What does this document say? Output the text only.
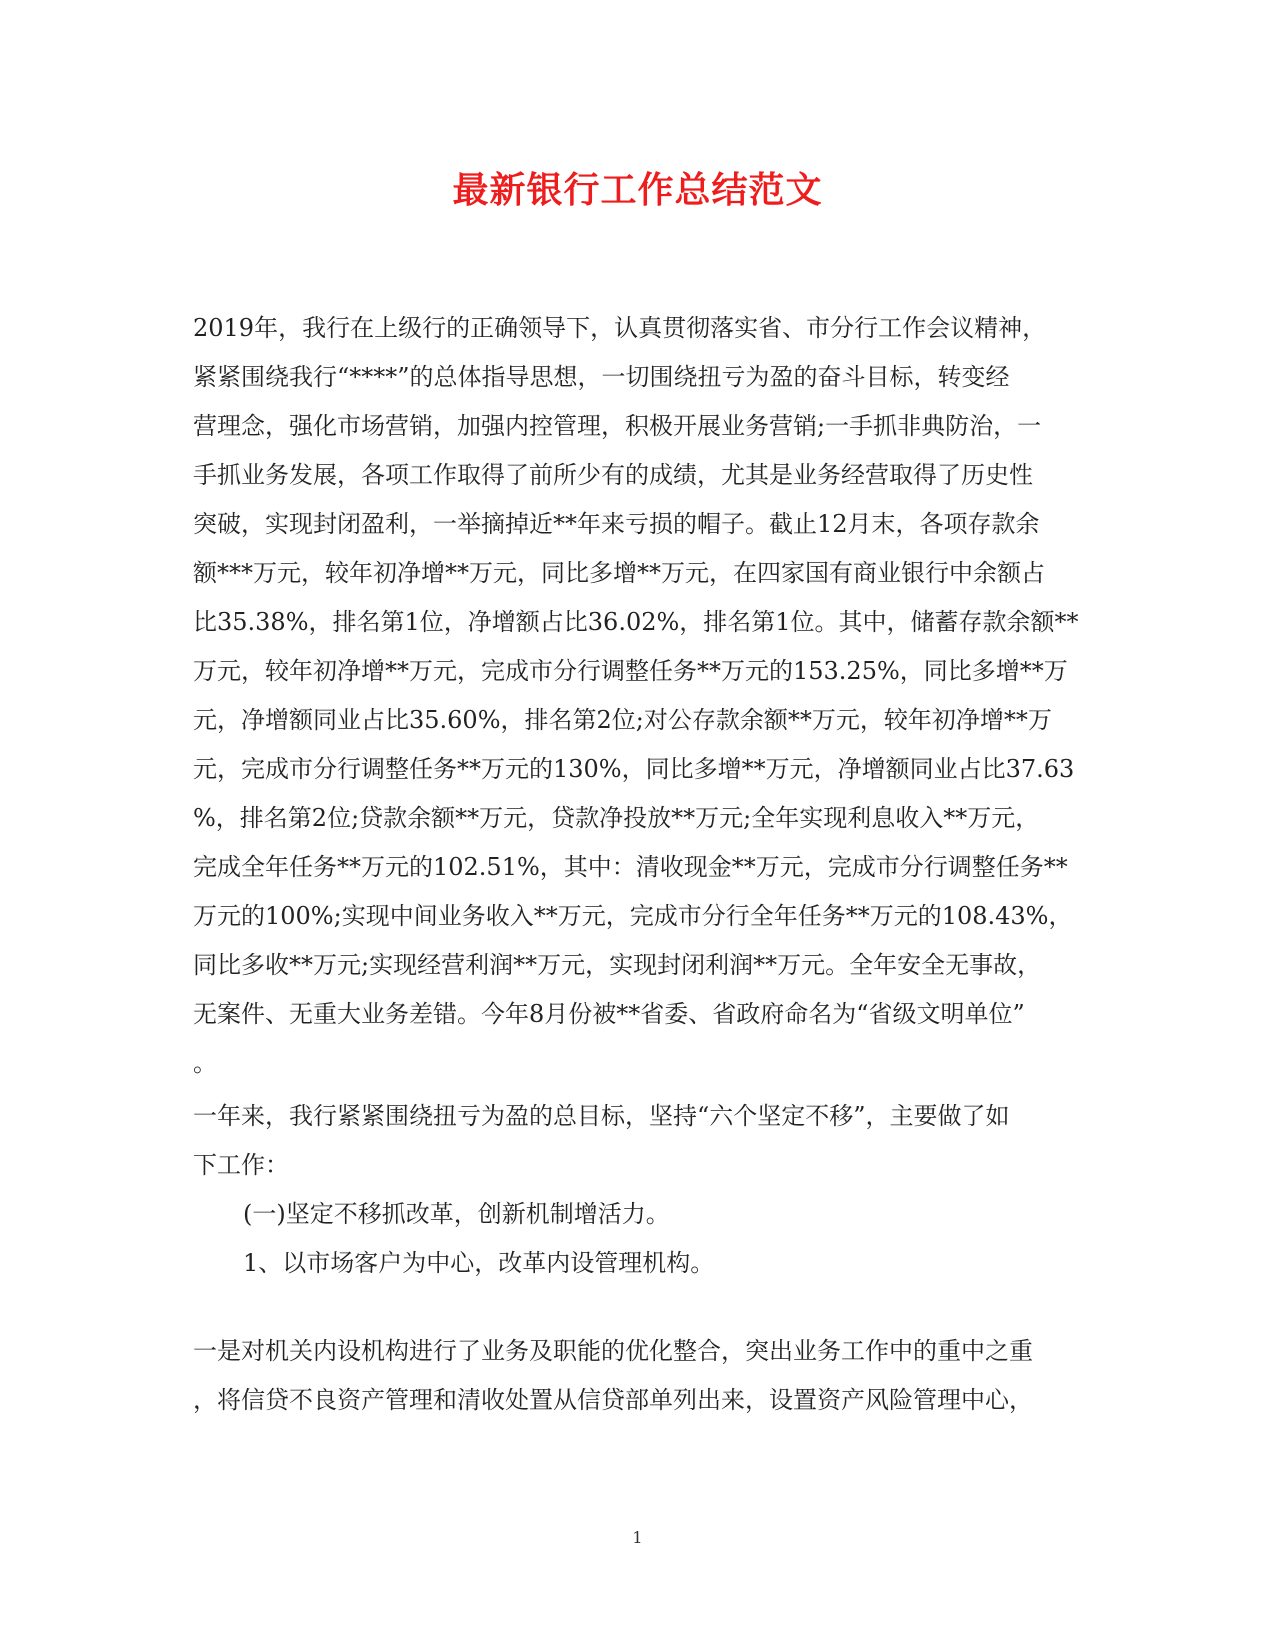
最新银行工作总结范文
2019年，我行在上级行的正确领导下，认真贯彻落实省、市分行工作会议精神，
紧紧围绕我行“****”的总体指导思想，一切围绕扭亏为盈的奋斗目标，转变经
营理念，强化市场营销，加强内控管理，积极开展业务营销;一手抓非典防治，一
手抓业务发展，各项工作取得了前所少有的成绩，尤其是业务经营取得了历史性
突破，实现封闭盈利，一举摘掉近**年来亏损的帽子。截止12月末，各项存款余
额***万元，较年初净增**万元，同比多增**万元，在四家国有商业银行中余额占
比35.38%，排名第1位，净增额占比36.02%，排名第1位。其中，储蓄存款余额**
万元，较年初净增**万元，完成市分行调整任务**万元的153.25%，同比多增**万
元，净增额同业占比35.60%，排名第2位;对公存款余额**万元，较年初净增**万
元，完成市分行调整任务**万元的130%，同比多增**万元，净增额同业占比37.63
%，排名第2位;贷款余额**万元，贷款净投放**万元;全年实现利息收入**万元，
完成全年任务**万元的102.51%，其中：清收现金**万元，完成市分行调整任务**
万元的100%;实现中间业务收入**万元，完成市分行全年任务**万元的108.43%，
同比多收**万元;实现经营利润**万元，实现封闭利润**万元。全年安全无事故，
无案件、无重大业务差错。今年8月份被**省委、省政府命名为“省级文明单位”
。
一年来，我行紧紧围绕扭亏为盈的总目标，坚持“六个坚定不移”，主要做了如
下工作：
(一)坚定不移抓改革，创新机制增活力。
1、以市场客户为中心，改革内设管理机构。
一是对机关内设机构进行了业务及职能的优化整合，突出业务工作中的重中之重
，将信贷不良资产管理和清收处置从信贷部单列出来，设置资产风险管理中心，
1
